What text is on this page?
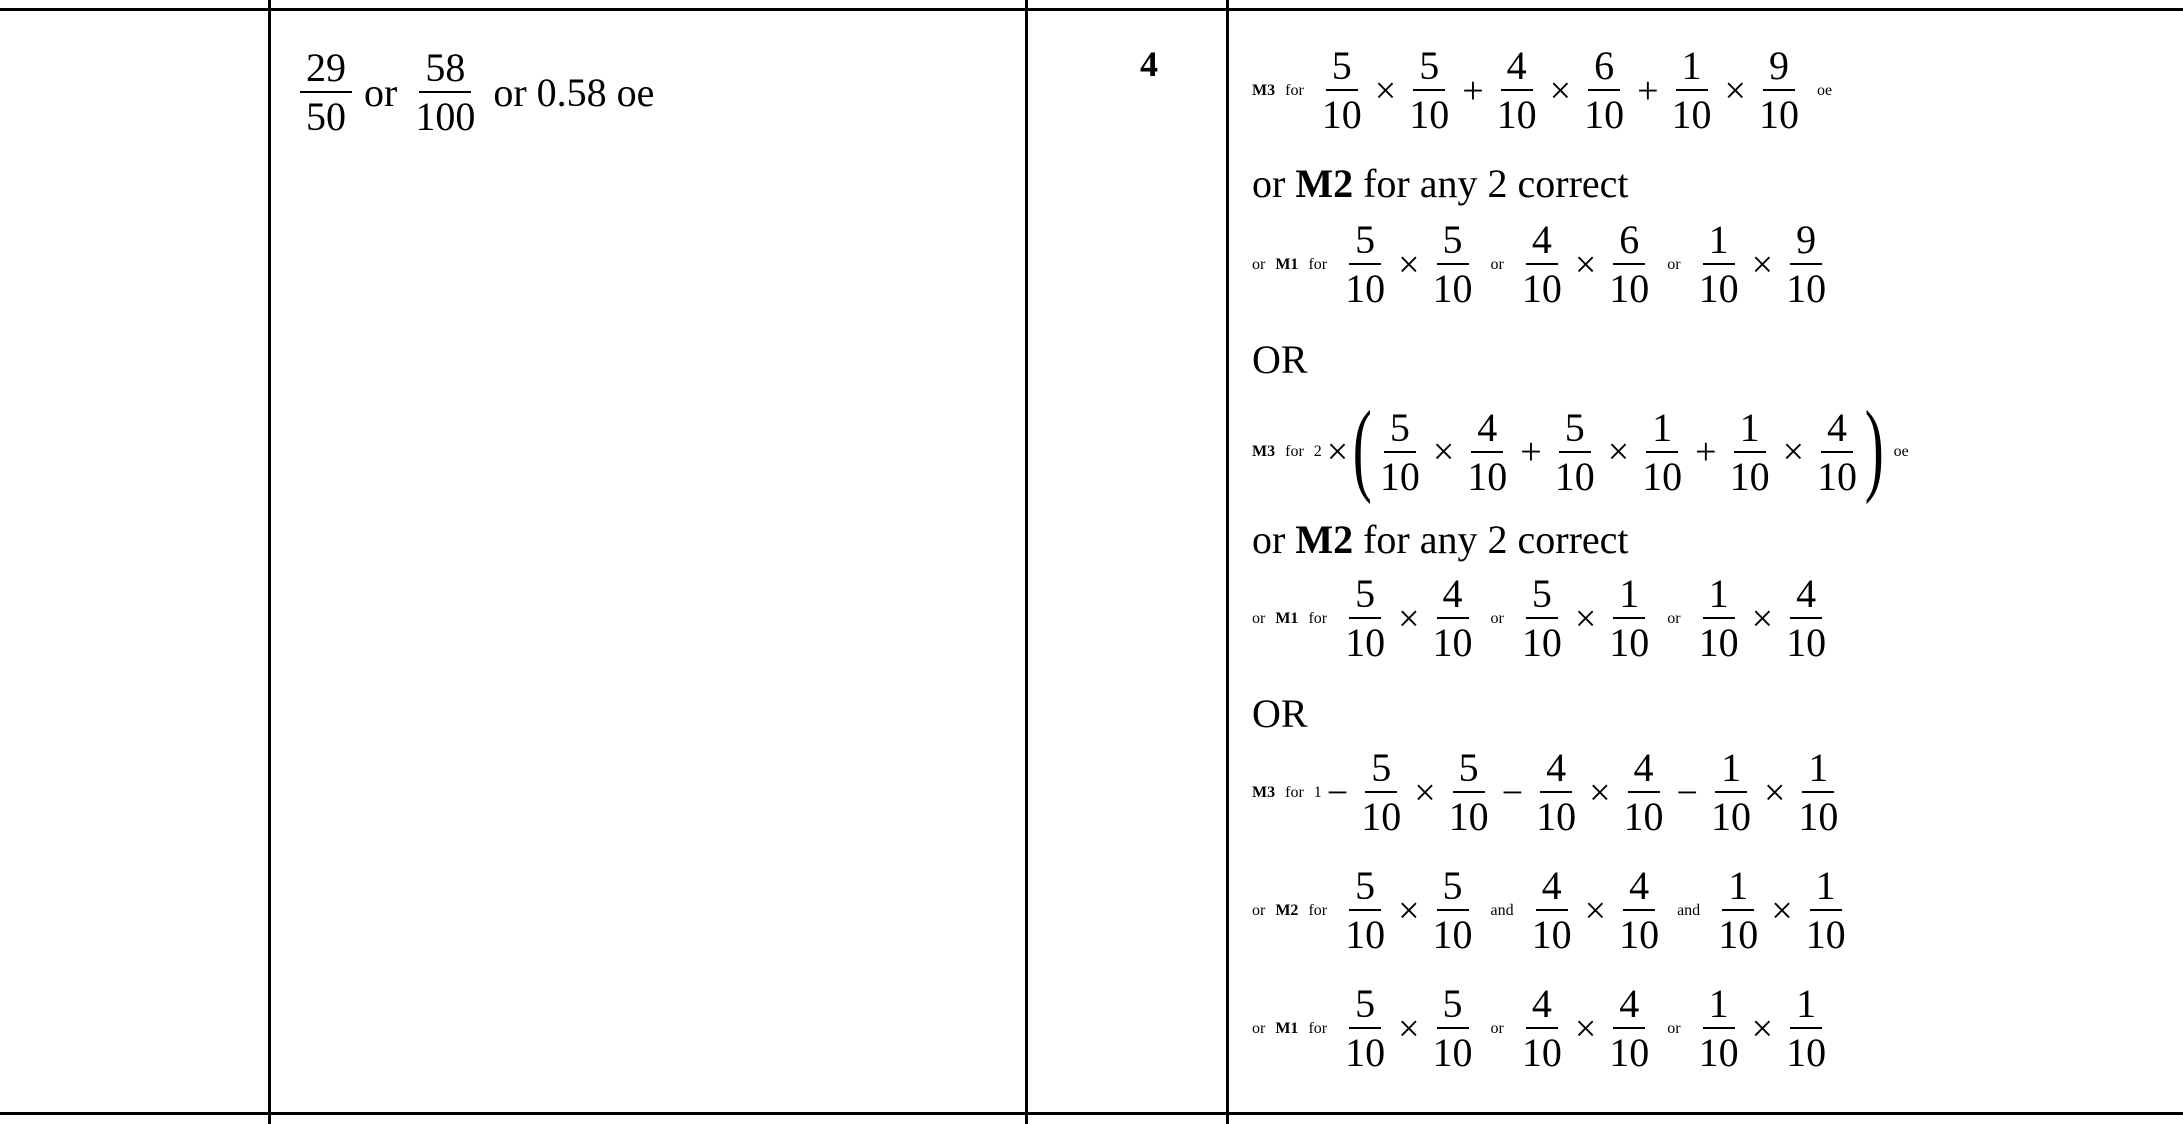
$\frac{29}{50}$ or $\frac{58}{100}$ or 0.58 oe
4
M3 for $\frac{5}{10} \times \frac{5}{10} + \frac{4}{10} \times \frac{6}{10} + \frac{1}{10} \times \frac{9}{10}$ oe
or M2 for any 2 correct
or M1 for $\frac{5}{10} \times \frac{5}{10}$ or $\frac{4}{10} \times \frac{6}{10}$ or $\frac{1}{10} \times \frac{9}{10}$
OR
M3 for 2 × ( $\frac{5}{10} \times \frac{4}{10} + \frac{5}{10} \times \frac{1}{10} + \frac{1}{10} \times \frac{4}{10}$ ) oe
or M2 for any 2 correct
or M1 for $\frac{5}{10} \times \frac{4}{10}$ or $\frac{5}{10} \times \frac{1}{10}$ or $\frac{1}{10} \times \frac{4}{10}$
OR
M3 for $1 - \frac{5}{10} \times \frac{5}{10} - \frac{4}{10} \times \frac{4}{10} - \frac{1}{10} \times \frac{1}{10}$
or M2 for $\frac{5}{10} \times \frac{5}{10}$ and $\frac{4}{10} \times \frac{4}{10}$ and $\frac{1}{10} \times \frac{1}{10}$
or M1 for $\frac{5}{10} \times \frac{5}{10}$ or $\frac{4}{10} \times \frac{4}{10}$ or $\frac{1}{10} \times \frac{1}{10}$
